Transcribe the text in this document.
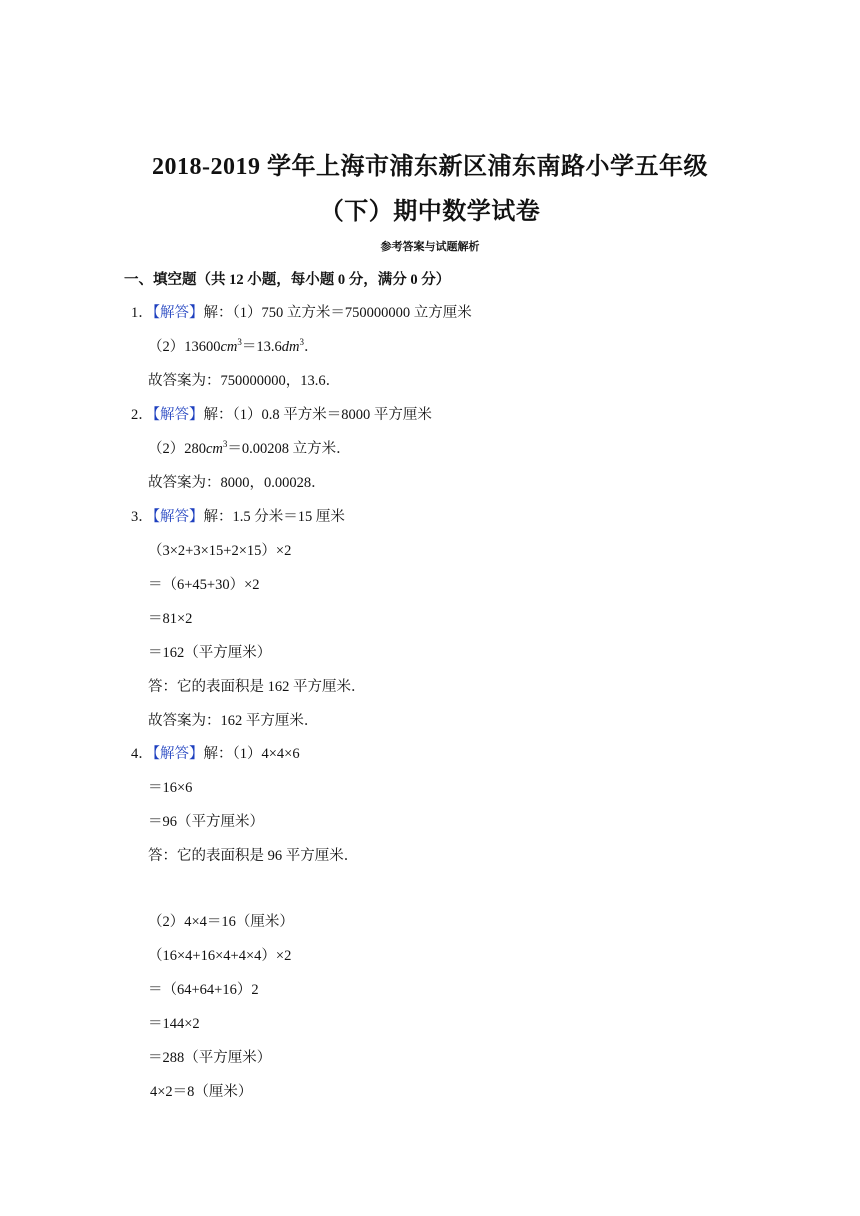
2018-2019 学年上海市浦东新区浦东南路小学五年级
（下）期中数学试卷
参考答案与试题解析
一、填空题（共 12 小题，每小题 0 分，满分 0 分）
1．【解答】解：（1）750 立方米＝750000000 立方厘米
$(2)13600cm^3=13.6dm^3$．
故答案为：750000000，13.6．
2．【解答】解：（1）0.8 平方米＝8000 平方厘米
$(2)280cm^3=0.00208$ 立方米．
故答案为：8000，0.00028．
3．【解答】解：1.5 分米＝15 厘米
（3×2+3×15+2×15）×2
＝（6+45+30）×2
＝81×2
＝162（平方厘米）
答：它的表面积是 162 平方厘米．
故答案为：162 平方厘米．
4．【解答】解：（1）4×4×6
＝16×6
＝96（平方厘米）
答：它的表面积是 96 平方厘米．
（2）4×4＝16（厘米）
（16×4+16×4+4×4）×2
＝（64+64+16）2
＝144×2
＝288（平方厘米）
4×2＝8（厘米）
